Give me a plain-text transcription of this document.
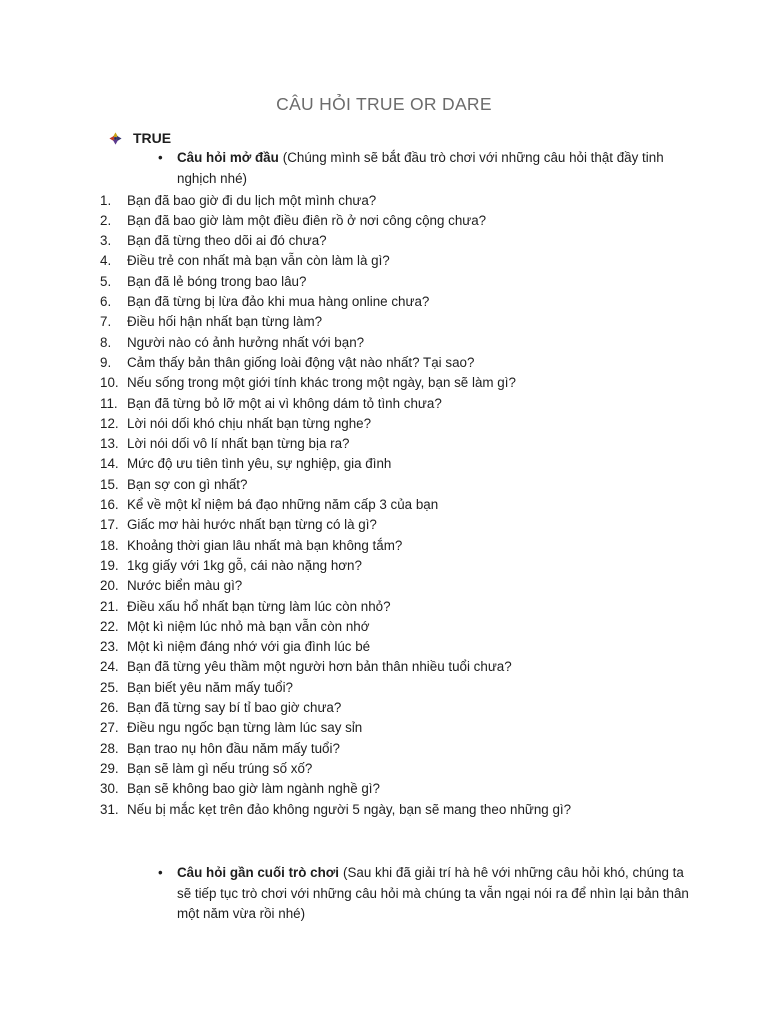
CÂU HỎI TRUE OR DARE
TRUE
•	Câu hỏi mở đầu (Chúng mình sẽ bắt đầu trò chơi với những câu hỏi thật đầy tinh nghịch nhé)
1.	Bạn đã bao giờ đi du lịch một mình chưa?
2.	Bạn đã bao giờ làm một điều điên rồ ở nơi công cộng chưa?
3.	Bạn đã từng theo dõi ai đó chưa?
4.	Điều trẻ con nhất mà bạn vẫn còn làm là gì?
5.	Bạn đã lẻ bóng trong bao lâu?
6.	Bạn đã từng bị lừa đảo khi mua hàng online chưa?
7.	Điều hối hận nhất bạn từng làm?
8.	Người nào có ảnh hưởng nhất với bạn?
9.	Cảm thấy bản thân giống loài động vật nào nhất? Tại sao?
10. Nếu sống trong một giới tính khác trong một ngày, bạn sẽ làm gì?
11. Bạn đã từng bỏ lỡ một ai vì không dám tỏ tình chưa?
12. Lời nói dối khó chịu nhất bạn từng nghe?
13. Lời nói dối vô lí nhất bạn từng bịa ra?
14. Mức độ ưu tiên tình yêu, sự nghiệp, gia đình
15. Bạn sợ con gì nhất?
16. Kể về một kỉ niệm bá đạo những năm cấp 3 của bạn
17. Giấc mơ hài hước nhất bạn từng có là gì?
18. Khoảng thời gian lâu nhất mà bạn không tắm?
19. 1kg giấy với 1kg gỗ, cái nào nặng hơn?
20. Nước biển màu gì?
21. Điều xấu hổ nhất bạn từng làm lúc còn nhỏ?
22. Một kì niệm lúc nhỏ mà bạn vẫn còn nhớ
23. Một kì niệm đáng nhớ với gia đình lúc bé
24. Bạn đã từng yêu thầm một người hơn bản thân nhiều tuổi chưa?
25. Bạn biết yêu năm mấy tuổi?
26. Bạn đã từng say bí tỉ bao giờ chưa?
27. Điều ngu ngốc bạn từng làm lúc say sỉn
28. Bạn trao nụ hôn đầu năm mấy tuổi?
29. Bạn sẽ làm gì nếu trúng số xố?
30. Bạn sẽ không bao giờ làm ngành nghề gì?
31. Nếu bị mắc kẹt trên đảo không người 5 ngày, bạn sẽ mang theo những gì?
•	Câu hỏi gần cuối trò chơi (Sau khi đã giải trí hà hê với những câu hỏi khó, chúng ta sẽ tiếp tục trò chơi với những câu hỏi mà chúng ta vẫn ngại nói ra để nhìn lại bản thân một năm vừa rồi nhé)
